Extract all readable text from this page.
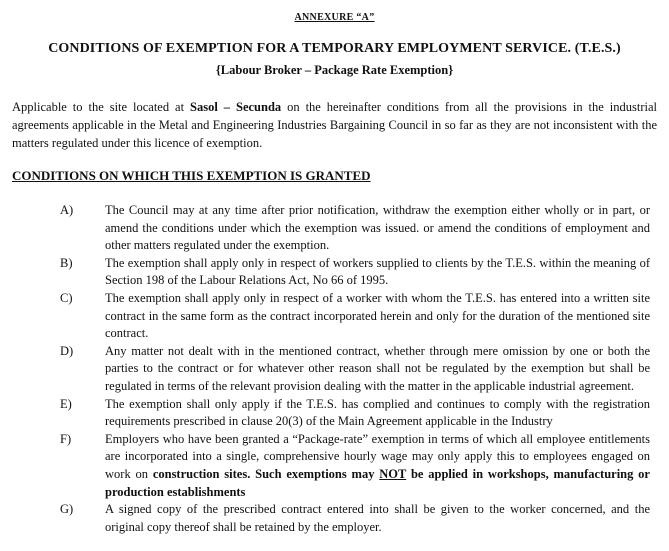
ANNEXURE “A”
CONDITIONS OF EXEMPTION FOR A TEMPORARY EMPLOYMENT SERVICE. (T.E.S.)
{Labour Broker – Package Rate Exemption}
Applicable to the site located at Sasol – Secunda on the hereinafter conditions from all the provisions in the industrial agreements applicable in the Metal and Engineering Industries Bargaining Council in so far as they are not inconsistent with the matters regulated under this licence of exemption.
CONDITIONS ON WHICH THIS EXEMPTION IS GRANTED
A)	The Council may at any time after prior notification, withdraw the exemption either wholly or in part, or amend the conditions under which the exemption was issued. or amend the conditions of employment and other matters regulated under the exemption.
B)	The exemption shall apply only in respect of workers supplied to clients by the T.E.S. within the meaning of Section 198 of the Labour Relations Act, No 66 of 1995.
C)	The exemption shall apply only in respect of a worker with whom the T.E.S. has entered into a written site contract in the same form as the contract incorporated herein and only for the duration of the mentioned site contract.
D)	Any matter not dealt with in the mentioned contract, whether through mere omission by one or both the parties to the contract or for whatever other reason shall not be regulated by the exemption but shall be regulated in terms of the relevant provision dealing with the matter in the applicable industrial agreement.
E)	The exemption shall only apply if the T.E.S. has complied and continues to comply with the registration requirements prescribed in clause 20(3) of the Main Agreement applicable in the Industry
F)	Employers who have been granted a “Package-rate” exemption in terms of which all employee entitlements are incorporated into a single, comprehensive hourly wage may only apply this to employees engaged on work on construction sites. Such exemptions may NOT be applied in workshops, manufacturing or production establishments
G)	A signed copy of the prescribed contract entered into shall be given to the worker concerned, and the original copy thereof shall be retained by the employer.
